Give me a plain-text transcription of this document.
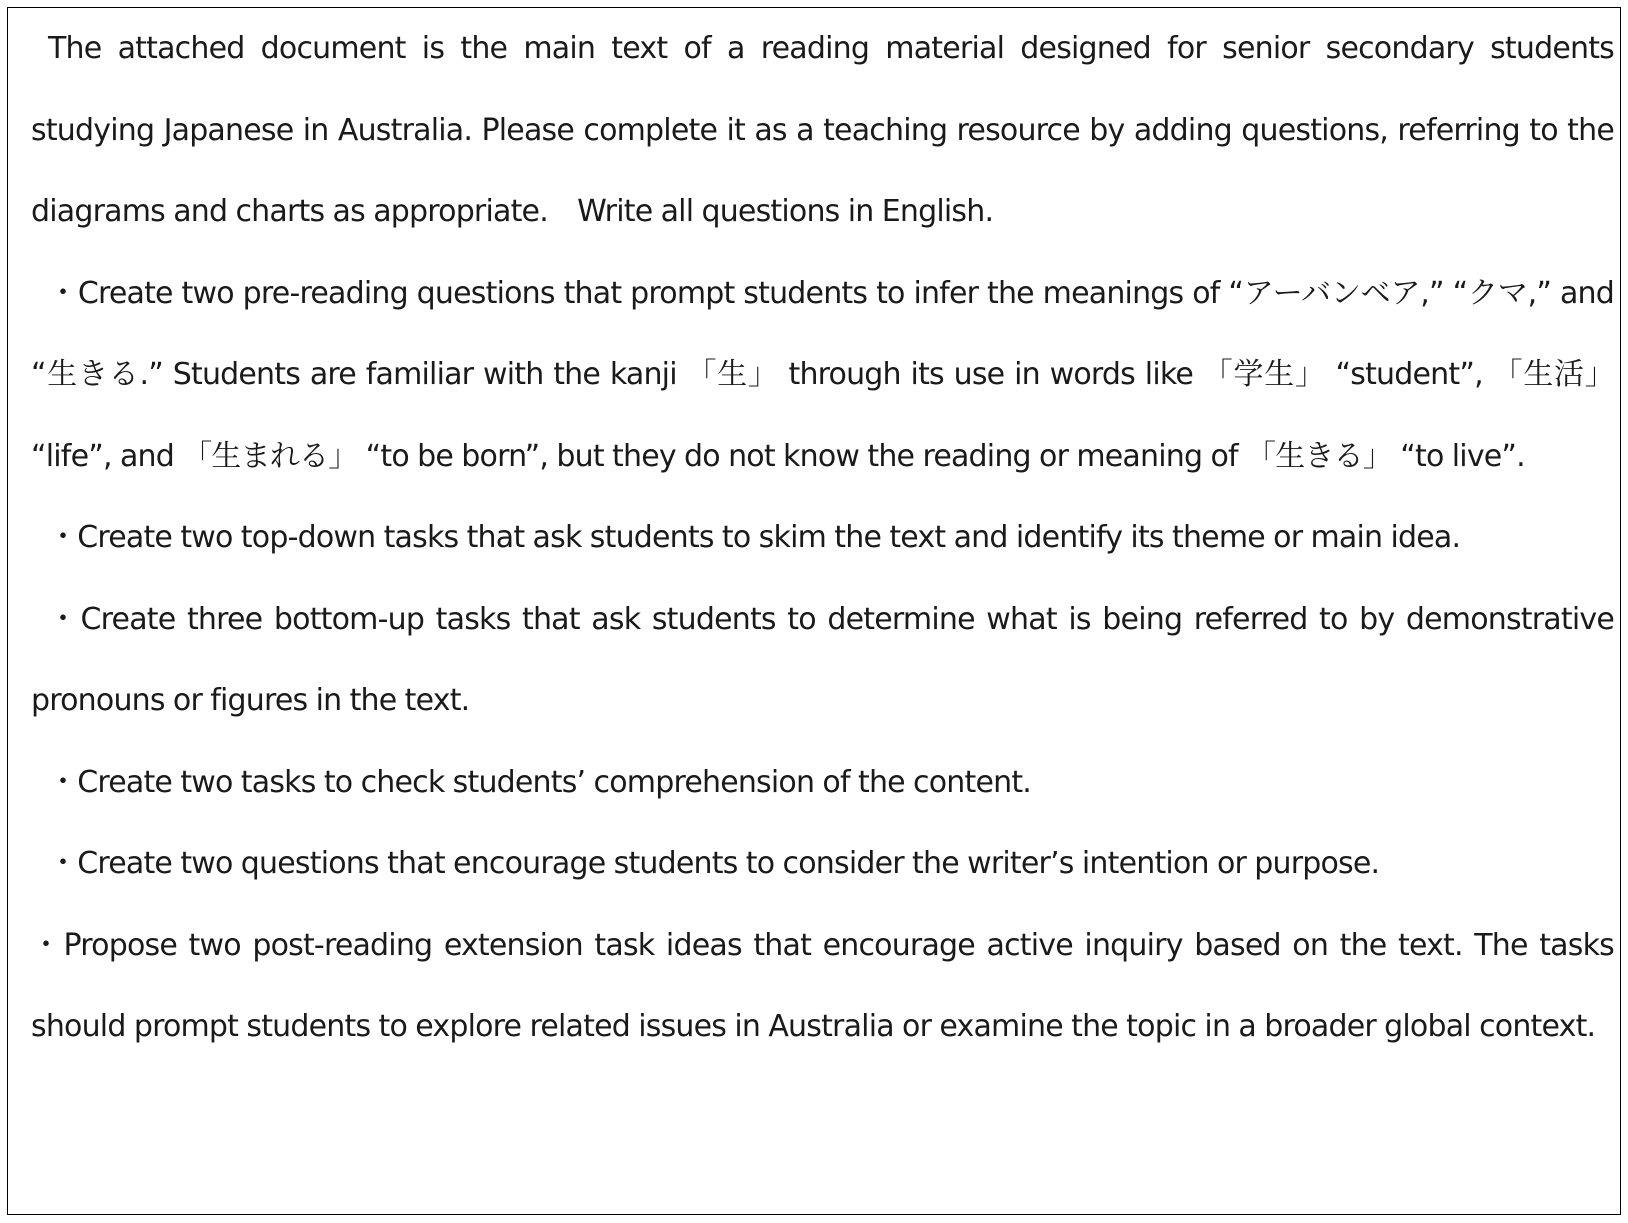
The attached document is the main text of a reading material designed for senior secondary students studying Japanese in Australia. Please complete it as a teaching resource by adding questions, referring to the diagrams and charts as appropriate.　Write all questions in English.

・Create two pre-reading questions that prompt students to infer the meanings of “アーバンベア,” “クマ,” and “生きる.” Students are familiar with the kanji 「生」 through its use in words like 「学生」 “student”, 「生活」 “life”, and 「生まれる」 “to be born”, but they do not know the reading or meaning of 「生きる」 “to live”.

・Create two top-down tasks that ask students to skim the text and identify its theme or main idea.

・Create three bottom-up tasks that ask students to determine what is being referred to by demonstrative pronouns or figures in the text.

・Create two tasks to check students’ comprehension of the content.

・Create two questions that encourage students to consider the writer’s intention or purpose.

・Propose two post-reading extension task ideas that encourage active inquiry based on the text. The tasks should prompt students to explore related issues in Australia or examine the topic in a broader global context.
